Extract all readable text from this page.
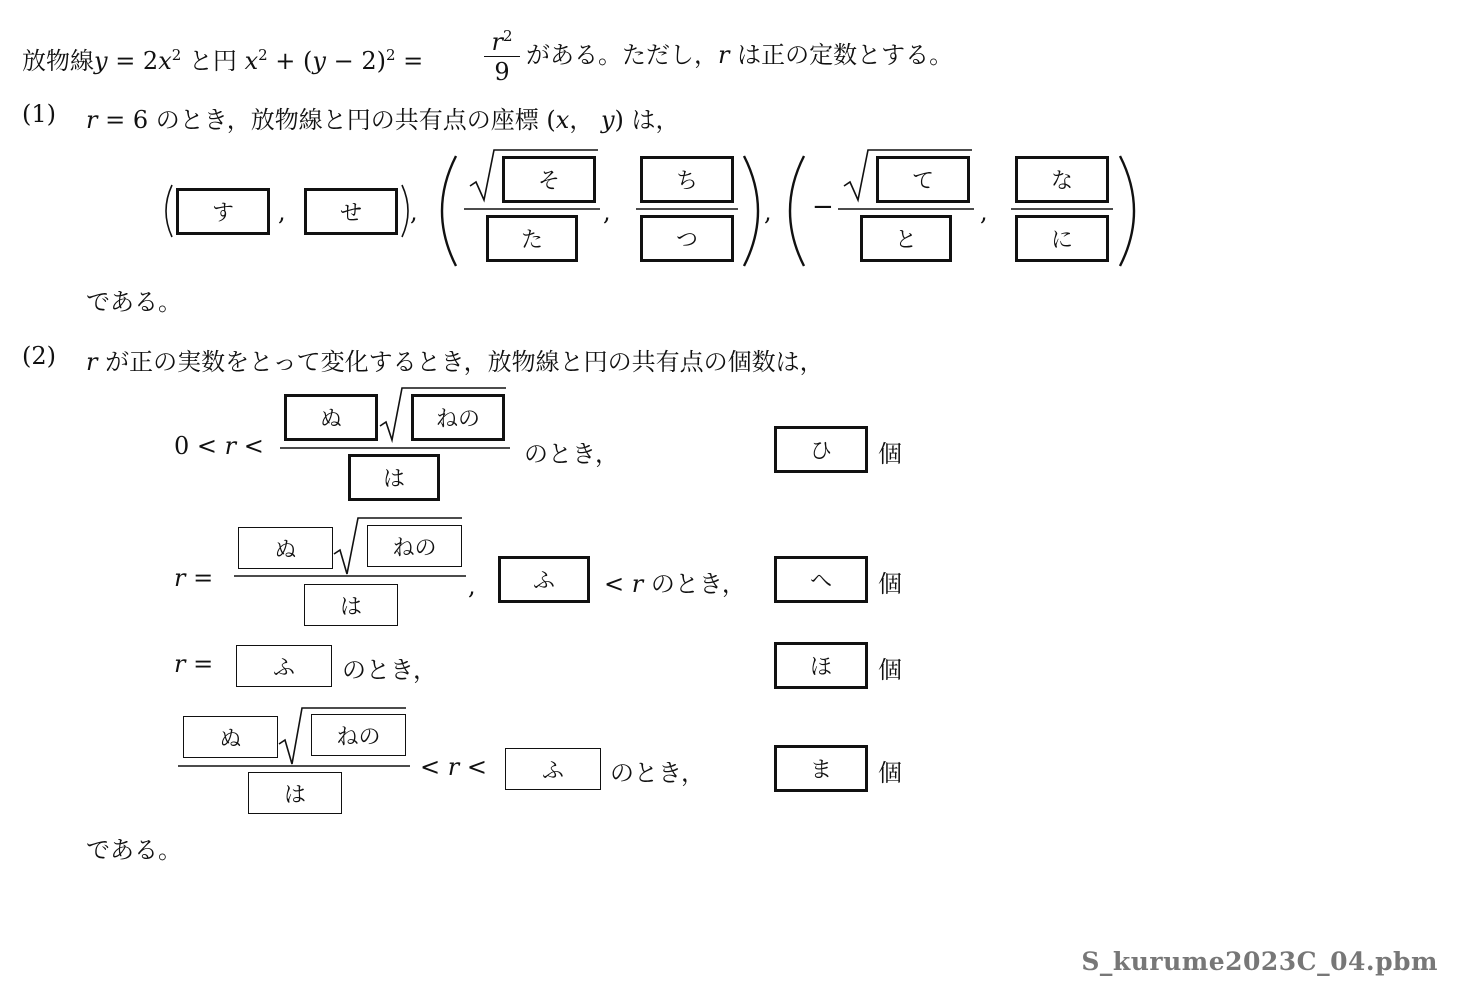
放物線$y = 2x^2$ と円 $x^2 + (y - 2)^2$ =
$r^2$
9
がある。ただし，r は正の定数とする。
(1) r = 6 のとき，放物線と円の共有点の座標 (x， y) は，
す	,	せ	,
そ
た
,
ち
つ
, −
て
と
,
な
に
である。
(2) r が正の実数をとって変化するとき，放物線と円の共有点の個数は，
0 < r <
ぬ	ねの
は
のとき，	ひ	個
r =
ぬ	ねの
は
,	ふ	< r のとき，	へ	個
r =	ふ	のとき，	ほ	個
ぬ	ねの
は
< r <	ふ	のとき，	ま	個
である。
S_kurume2023C_04.pbm
